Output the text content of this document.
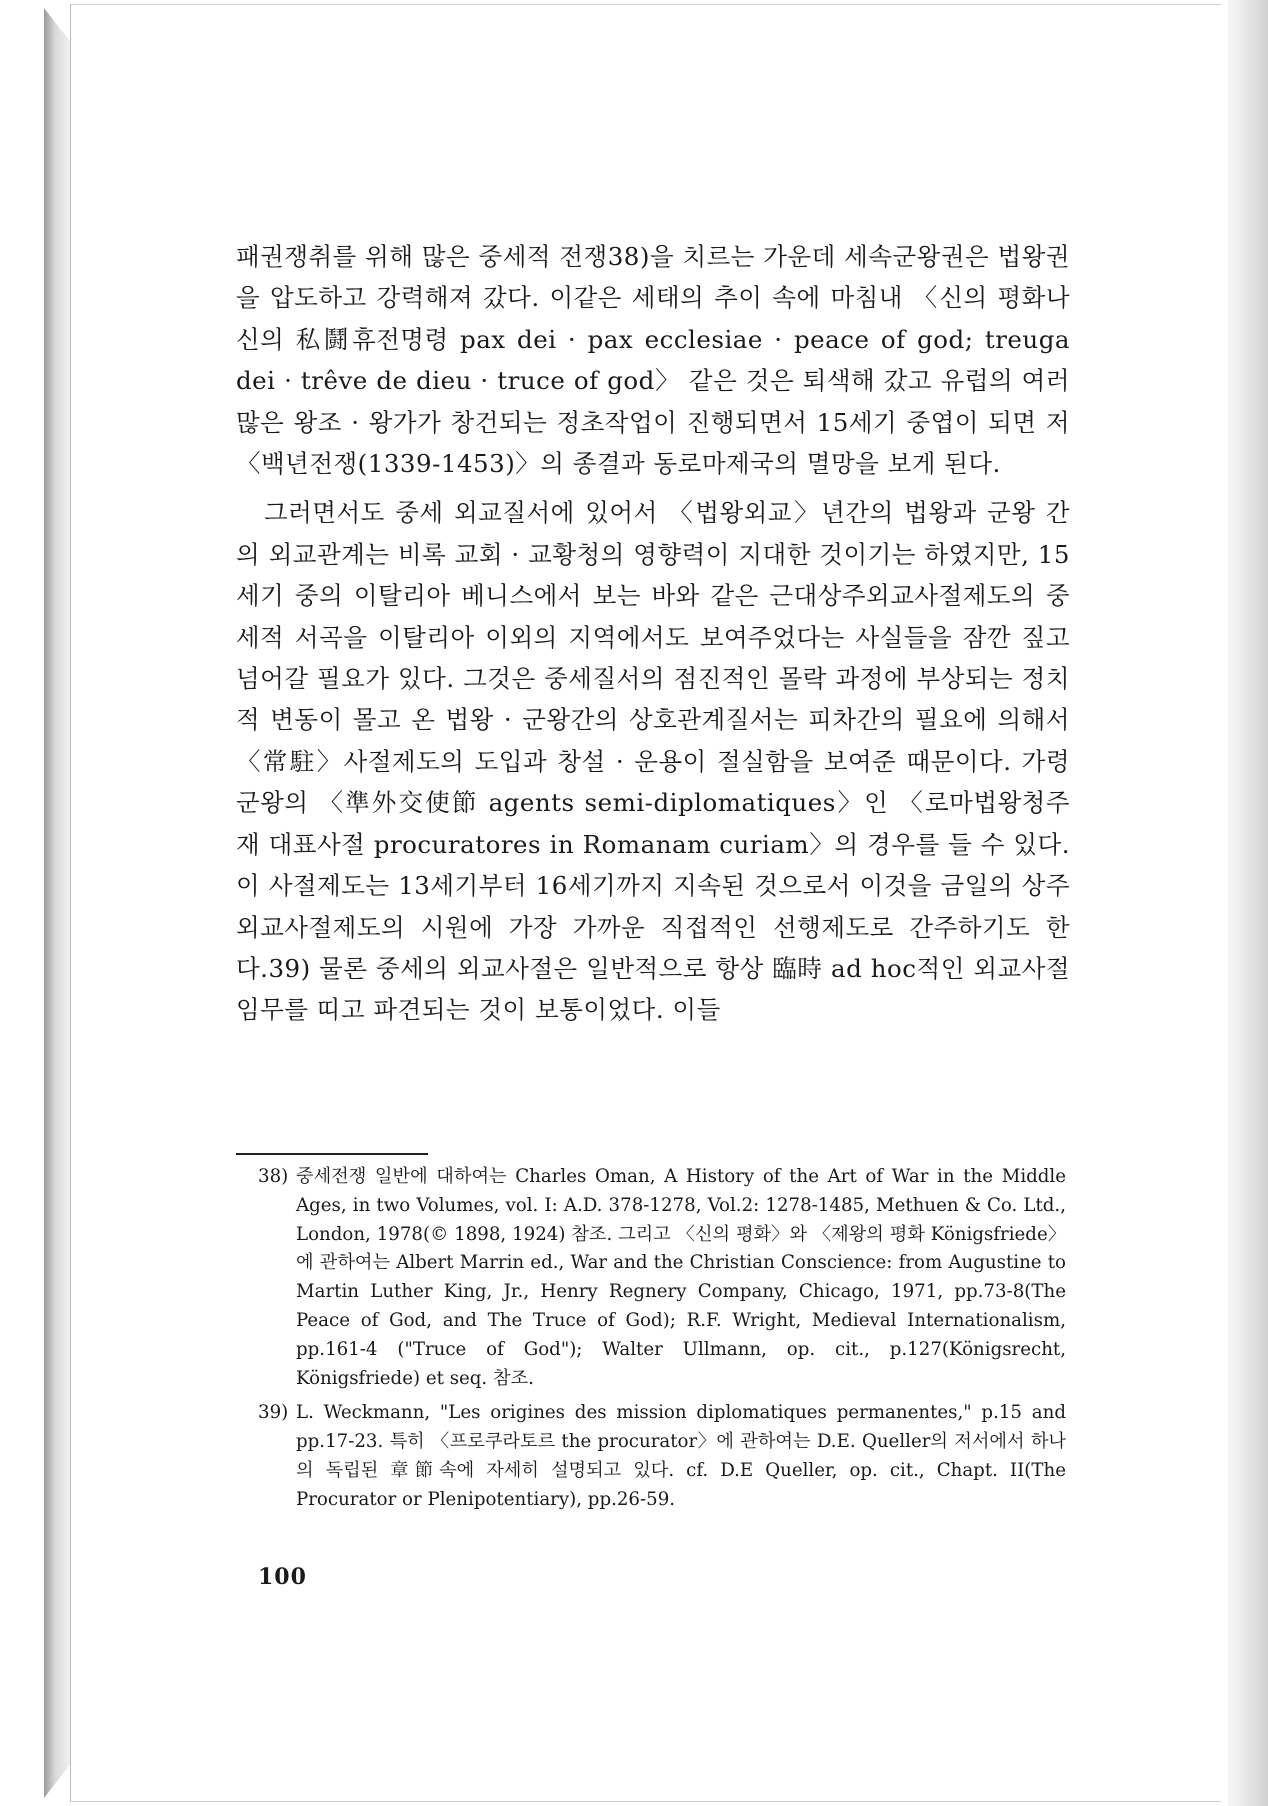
패권쟁취를 위해 많은 중세적 전쟁38)을 치르는 가운데 세속군왕권은 법왕권을 압도하고 강력해져 갔다. 이같은 세태의 추이 속에 마침내 〈신의 평화나 신의 私鬪휴전명령 pax dei · pax ecclesiae · peace of god; treuga dei · trêve de dieu · truce of god〉 같은 것은 퇴색해 갔고 유럽의 여러 많은 왕조 · 왕가가 창건되는 정초작업이 진행되면서 15세기 중엽이 되면 저 〈백년전쟁(1339-1453)〉의 종결과 동로마제국의 멸망을 보게 된다.

그러면서도 중세 외교질서에 있어서 〈법왕외교〉년간의 법왕과 군왕 간의 외교관계는 비록 교회 · 교황청의 영향력이 지대한 것이기는 하였지만, 15세기 중의 이탈리아 베니스에서 보는 바와 같은 근대상주외교사절제도의 중세적 서곡을 이탈리아 이외의 지역에서도 보여주었다는 사실들을 잠깐 짚고 넘어갈 필요가 있다. 그것은 중세질서의 점진적인 몰락 과정에 부상되는 정치적 변동이 몰고 온 법왕 · 군왕간의 상호관계질서는 피차간의 필요에 의해서 〈常駐〉사절제도의 도입과 창설 · 운용이 절실함을 보여준 때문이다. 가령 군왕의 〈準外交使節 agents semi-diplomatiques〉인 〈로마법왕청주재 대표사절 procuratores in Romanam curiam〉의 경우를 들 수 있다. 이 사절제도는 13세기부터 16세기까지 지속된 것으로서 이것을 금일의 상주외교사절제도의 시원에 가장 가까운 직접적인 선행제도로 간주하기도 한다.39) 물론 중세의 외교사절은 일반적으로 항상 臨時 ad hoc적인 외교사절 임무를 띠고 파견되는 것이 보통이었다. 이들

38) 중세전쟁 일반에 대하여는 Charles Oman, A History of the Art of War in the Middle Ages, in two Volumes, vol. I: A.D. 378-1278, Vol.2: 1278-1485, Methuen & Co. Ltd., London, 1978(© 1898, 1924) 참조. 그리고 〈신의 평화〉와 〈제왕의 평화 Königsfriede〉에 관하여는 Albert Marrin ed., War and the Christian Conscience: from Augustine to Martin Luther King, Jr., Henry Regnery Company, Chicago, 1971, pp.73-8(The Peace of God, and The Truce of God); R.F. Wright, Medieval Internationalism, pp.161-4 ("Truce of God"); Walter Ullmann, op. cit., p.127(Königsrecht, Königsfriede) et seq. 참조.
39) L. Weckmann, "Les origines des mission diplomatiques permanentes," p.15 and pp.17-23. 특히 〈프로쿠라토르 the procurator〉에 관하여는 D.E. Queller의 저서에서 하나의 독립된 章節속에 자세히 설명되고 있다. cf. D.E Queller, op. cit., Chapt. II(The Procurator or Plenipotentiary), pp.26-59.
100
